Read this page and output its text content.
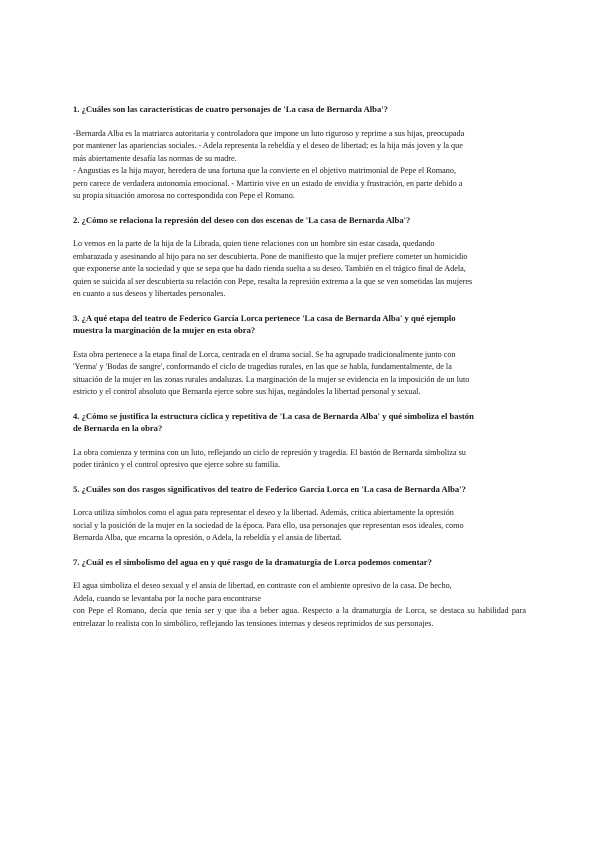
1. ¿Cuáles son las características de cuatro personajes de 'La casa de Bernarda Alba'?

-Bernarda Alba es la matriarca autoritaria y controladora que impone un luto riguroso y reprime a sus hijas, preocupada
por mantener las apariencias sociales. - Adela representa la rebeldía y el deseo de libertad; es la hija más joven y la que
más abiertamente desafía las normas de su madre.
- Angustias es la hija mayor, heredera de una fortuna que la convierte en el objetivo matrimonial de Pepe el Romano,
pero carece de verdadera autonomía emocional. - Martirio vive en un estado de envidia y frustración, en parte debido a
su propia situación amorosa no correspondida con Pepe el Romano.

2. ¿Cómo se relaciona la represión del deseo con dos escenas de 'La casa de Bernarda Alba'?

Lo vemos en la parte de la hija de la Librada, quien tiene relaciones con un hombre sin estar casada, quedando
embarazada y asesinando al hijo para no ser descubierta. Pone de manifiesto que la mujer prefiere cometer un homicidio
que exponerse ante la sociedad y que se sepa que ha dado rienda suelta a su deseo. También en el trágico final de Adela,
quien se suicida al ser descubierta su relación con Pepe, resalta la represión extrema a la que se ven sometidas las mujeres
en cuanto a sus deseos y libertades personales.
3. ¿A qué etapa del teatro de Federico García Lorca pertenece 'La casa de Bernarda Alba' y qué ejemplo
muestra la marginación de la mujer en esta obra?
Esta obra pertenece a la etapa final de Lorca, centrada en el drama social. Se ha agrupado tradicionalmente junto con
'Yerma' y 'Bodas de sangre', conformando el ciclo de tragedias rurales, en las que se habla, fundamentalmente, de la
situación de la mujer en las zonas rurales andaluzas. La marginación de la mujer se evidencia en la imposición de un luto
estricto y el control absoluto que Bernarda ejerce sobre sus hijas, negándoles la libertad personal y sexual.
4. ¿Cómo se justifica la estructura cíclica y repetitiva de 'La casa de Bernarda Alba' y qué simboliza el bastón
de Bernarda en la obra?
La obra comienza y termina con un luto, reflejando un ciclo de represión y tragedia. El bastón de Bernarda simboliza su
poder tiránico y el control opresivo que ejerce sobre su familia.

5. ¿Cuáles son dos rasgos significativos del teatro de Federico García Lorca en 'La casa de Bernarda Alba'?

Lorca utiliza símbolos como el agua para representar el deseo y la libertad. Además, critica abiertamente la opresión
social y la posición de la mujer en la sociedad de la época. Para ello, usa personajes que representan esos ideales, como
Bernarda Alba, que encarna la opresión, o Adela, la rebeldía y el ansia de libertad.

7. ¿Cuál es el simbolismo del agua en y qué rasgo de la dramaturgia de Lorca podemos comentar?

El agua simboliza el deseo sexual y el ansia de libertad, en contraste con el ambiente opresivo de la casa. De hecho,
Adela, cuando se levantaba por la noche para encontrarse

con Pepe el Romano, decía que tenía ser y que iba a beber agua. Respecto a la dramaturgia de Lorca, se destaca su habilidad para entrelazar lo realista con lo simbólico, reflejando las tensiones internas y deseos reprimidos de sus personajes.
